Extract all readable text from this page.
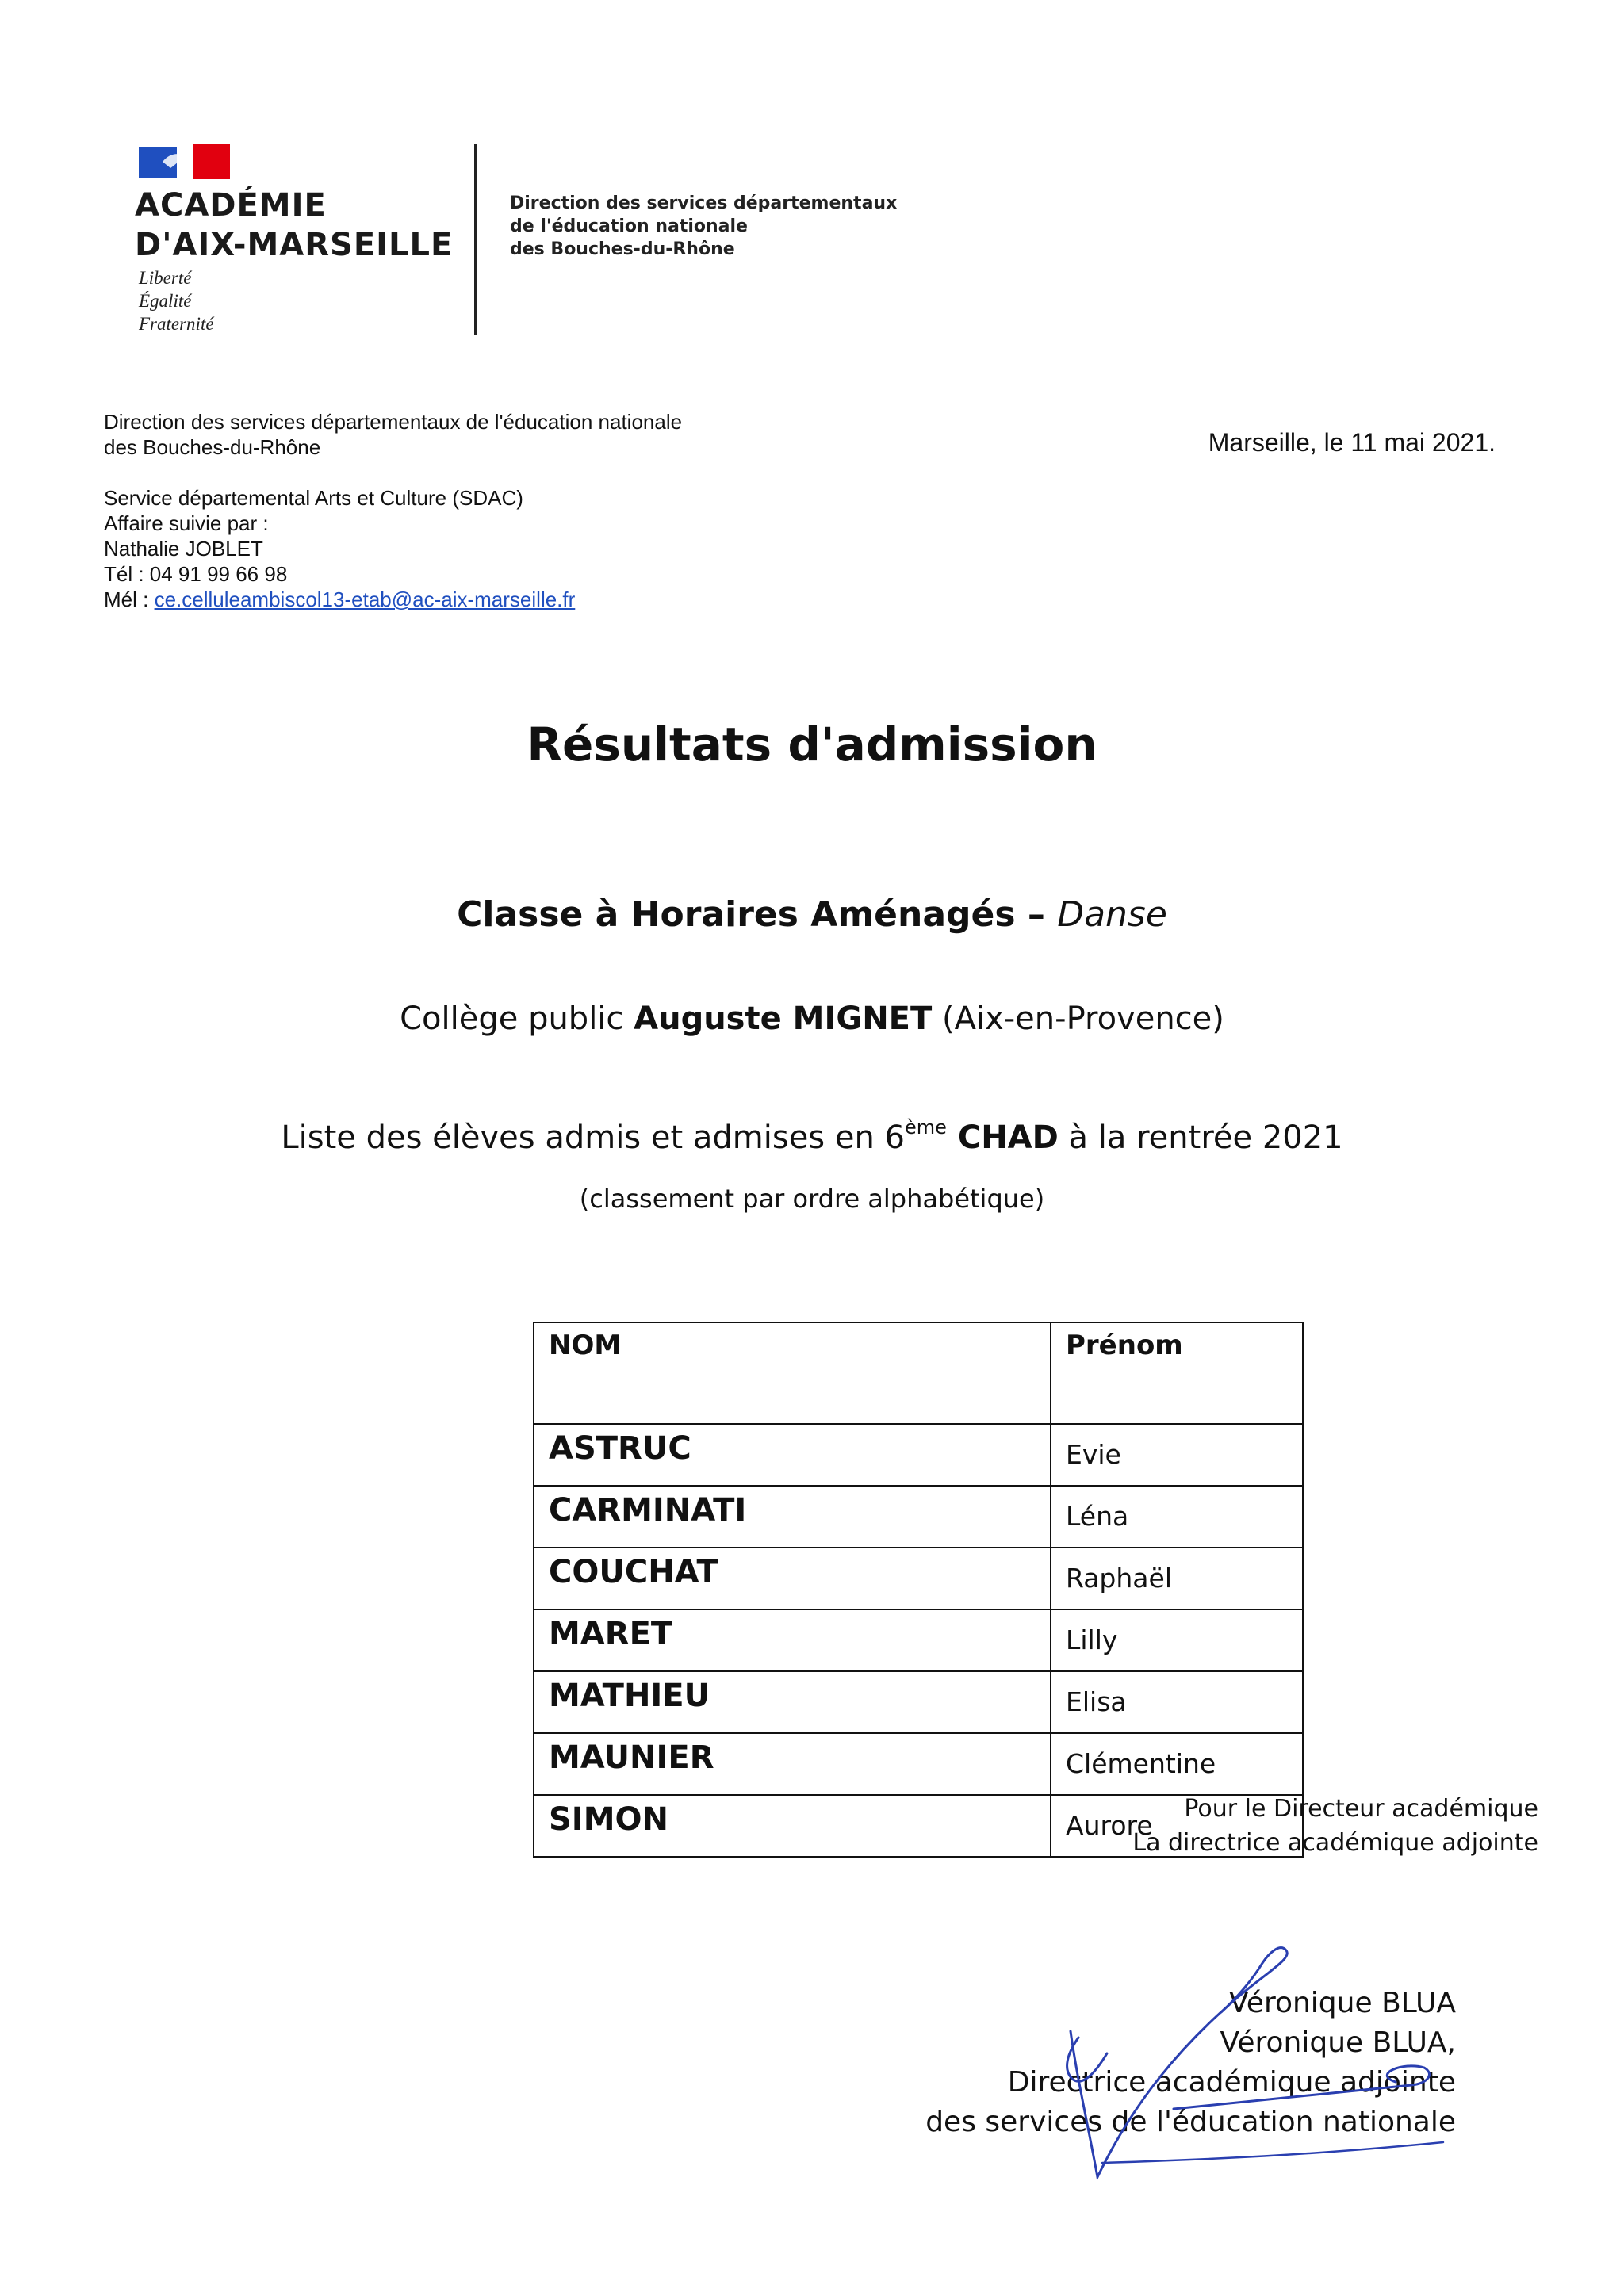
ACADÉMIE
D'AIX-MARSEILLE
Liberté
Égalité
Fraternité
Direction des services départementaux
de l'éducation nationale
des Bouches-du-Rhône
Direction des services départementaux de l'éducation nationale
des Bouches-du-Rhône
Service départemental Arts et Culture (SDAC)
Affaire suivie par :
Nathalie JOBLET
Tél : 04 91 99 66 98
Mél : ce.celluleambiscol13-etab@ac-aix-marseille.fr
Marseille, le 11 mai 2021.
Résultats d'admission
Classe à Horaires Aménagés – Danse
Collège public Auguste MIGNET (Aix-en-Provence)
Liste des élèves admis et admises en 6ème CHAD à la rentrée 2021
(classement par ordre alphabétique)
NOM	Prénom
ASTRUC	Evie
CARMINATI	Léna
COUCHAT	Raphaël
MARET	Lilly
MATHIEU	Elisa
MAUNIER	Clémentine
SIMON	Aurore
Pour le Directeur académique
La directrice académique adjointe
Véronique BLUA
Véronique BLUA,
Directrice académique adjointe
des services de l'éducation nationale
